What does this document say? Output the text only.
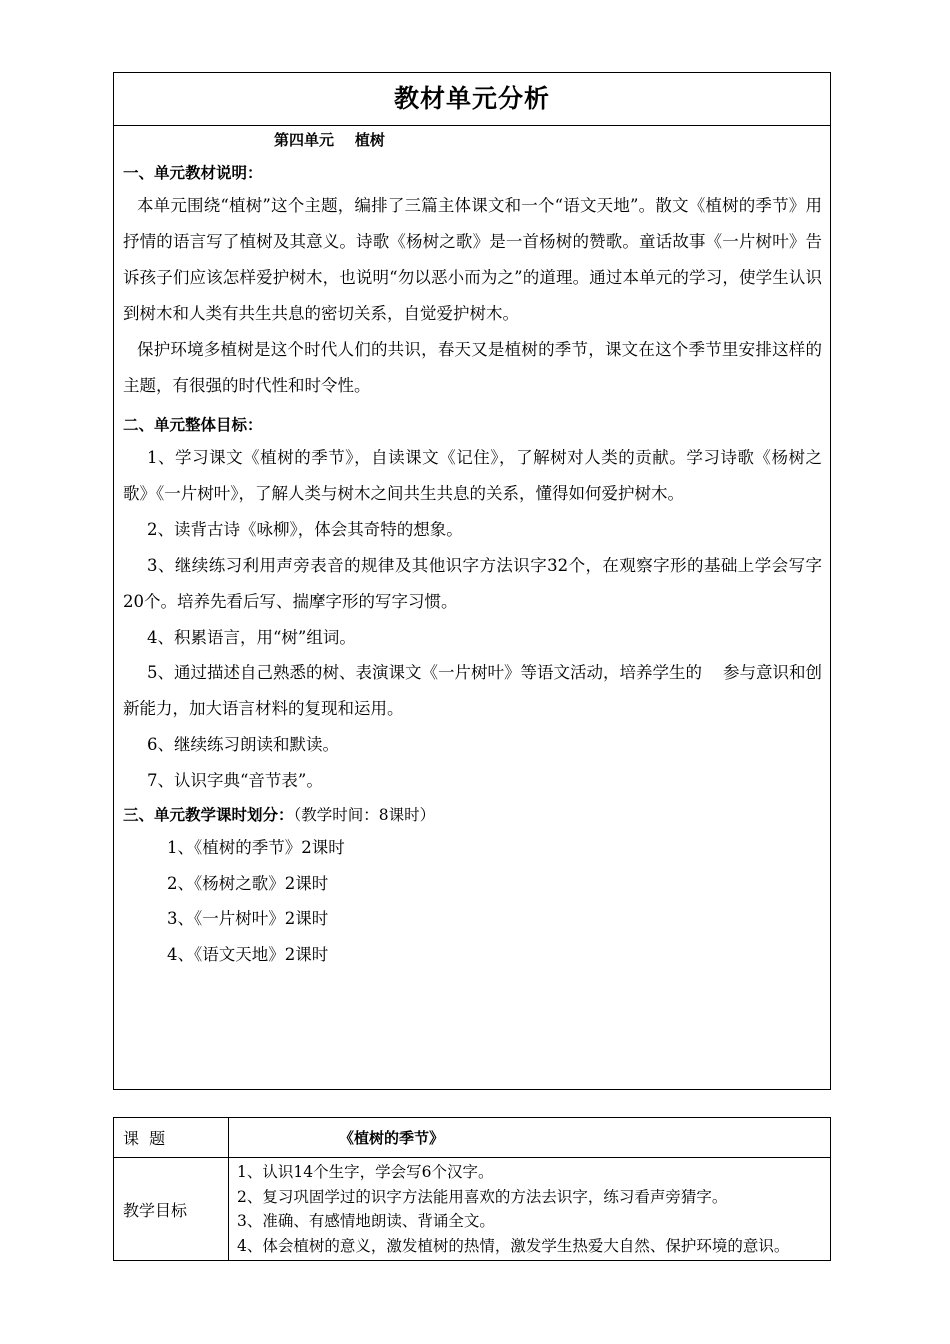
教材单元分析
第四单元    植树
一、单元教材说明：

本单元围绕“植树”这个主题，编排了三篇主体课文和一个“语文天地”。散文《植树的季节》用抒情的语言写了植树及其意义。诗歌《杨树之歌》是一首杨树的赞歌。童话故事《一片树叶》告诉孩子们应该怎样爱护树木，也说明“勿以恶小而为之”的道理。通过本单元的学习，使学生认识到树木和人类有共生共息的密切关系，自觉爱护树木。

保护环境多植树是这个时代人们的共识，春天又是植树的季节，课文在这个季节里安排这样的主题，有很强的时代性和时令性。

二、单元整体目标：

1、学习课文《植树的季节》，自读课文《记住》，了解树对人类的贡献。学习诗歌《杨树之歌》《一片树叶》，了解人类与树木之间共生共息的关系，懂得如何爱护树木。

2、读背古诗《咏柳》，体会其奇特的想象。

3、继续练习利用声旁表音的规律及其他识字方法识字32个，在观察字形的基础上学会写字20个。培养先看后写、揣摩字形的写字习惯。

4、积累语言，用“树”组词。

5、通过描述自己熟悉的树、表演课文《一片树叶》等语文活动，培养学生的    参与意识和创新能力，加大语言材料的复现和运用。

6、继续练习朗读和默读。
7、认识字典“音节表”。
三、单元教学课时划分：（教学时间：8课时）
1、《植树的季节》2课时
2、《杨树之歌》2课时
3、《一片树叶》2课时
4、《语文天地》2课时
课  题	《植树的季节》
教学目标	1、认识14个生字，学会写6个汉字。
2、复习巩固学过的识字方法能用喜欢的方法去识字，练习看声旁猜字。
3、准确、有感情地朗读、背诵全文。
4、体会植树的意义，激发植树的热情，激发学生热爱大自然、保护环境的意识。
